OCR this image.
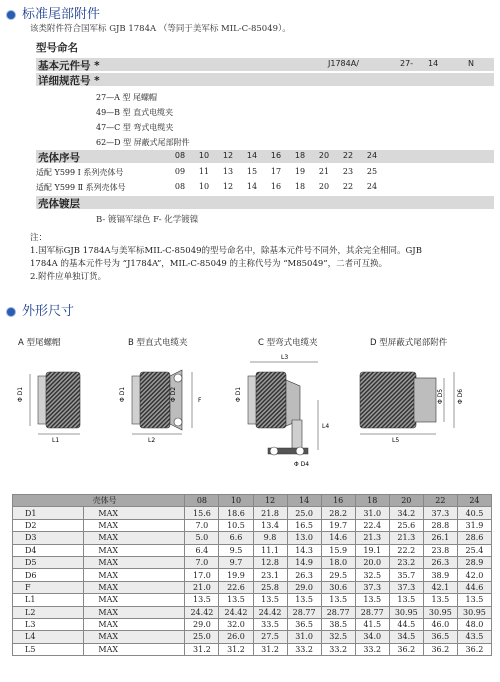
标准尾部附件
该类附件符合国军标 GJB 1784A （等同于美军标 MIL-C-85049）。
型号命名
基本元件号 *	J1784A/	27- 14	N
详细规范号 *
27—A 型 尾螺帽
49—B 型 直式电缆夹
47—C 型 弯式电缆夹
62—D 型 屏蔽式尾部附件
壳体序号	08	10	12	14	16	18	20	22	24
适配 Y599 Ⅰ 系列壳体号	09	11	13	15	17	19	21	23	25
适配 Y599 Ⅱ 系列壳体号	08	10	12	14	16	18	20	22	24
壳体镀层
B- 镀镉军绿色 F- 化学镀镍
注：
1.国军标GJB 1784A与美军标MIL-C-85049的型号命名中，除基本元件号不同外，其余完全相同。GJB
1784A 的基本元件号为 “J1784A”，MIL-C-85049 的主称代号为 “M85049”，二者可互换。
2.附件应单独订货。
外形尺寸
A 型尾螺帽	B 型直式电缆夹	C 型弯式电缆夹	D 型屏蔽式尾部附件
Φ D1
L1
Φ D1	Φ D2	F
L2
L3
Φ D1
L4
Φ D4
Φ D5 Φ D6
L5
壳体号		08	10	12	14	16	18	20	22	24
D1	MAX	15.6	18.6	21.8	25.0	28.2	31.0	34.2	37.3	40.5
D2	MAX	7.0	10.5	13.4	16.5	19.7	22.4	25.6	28.8	31.9
D3	MAX	5.0	6.6	9.8	13.0	14.6	21.3	21.3	26.1	28.6
D4	MAX	6.4	9.5	11.1	14.3	15.9	19.1	22.2	23.8	25.4
D5	MAX	7.0	9.7	12.8	14.9	18.0	20.0	23.2	26.3	28.9
D6	MAX	17.0	19.9	23.1	26.3	29.5	32.5	35.7	38.9	42.0
F	MAX	21.0	22.6	25.8	29.0	30.6	37.3	37.3	42.1	44.6
L1	MAX	13.5	13.5	13.5	13.5	13.5	13.5	13.5	13.5	13.5
L2	MAX	24.42	24.42	24.42	28.77	28.77	28.77	30.95	30.95	30.95
L3	MAX	29.0	32.0	33.5	36.5	38.5	41.5	44.5	46.0	48.0
L4	MAX	25.0	26.0	27.5	31.0	32.5	34.0	34.5	36.5	43.5
L5	MAX	31.2	31.2	31.2	33.2	33.2	33.2	36.2	36.2	36.2
